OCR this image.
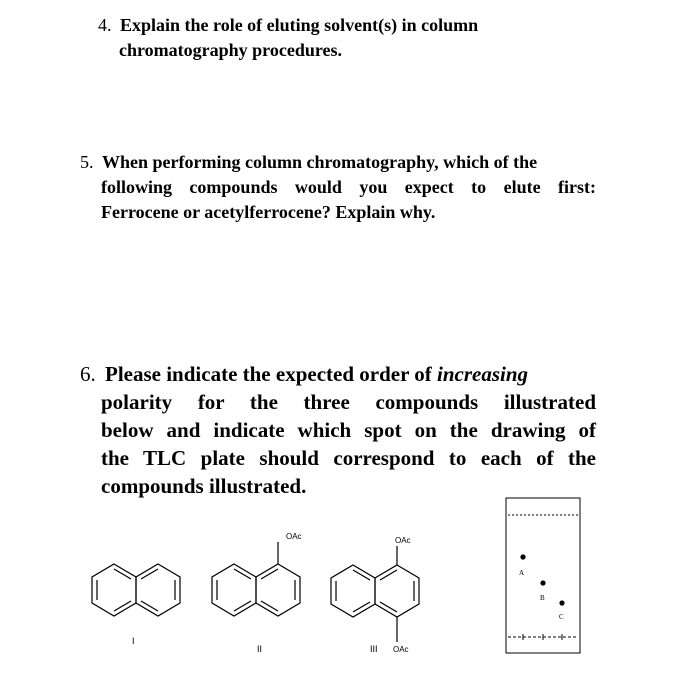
4. Explain the role of eluting solvent(s) in column
chromatography procedures.
5. When performing column chromatography, which of the
following compounds would you expect to elute first:
Ferrocene or acetylferrocene? Explain why.
6. Please indicate the expected order of increasing
polarity for the three compounds illustrated
below and indicate which spot on the drawing of
the TLC plate should correspond to each of the
compounds illustrated.
I
OAc
II
OAc
III OAc
A
B
C
